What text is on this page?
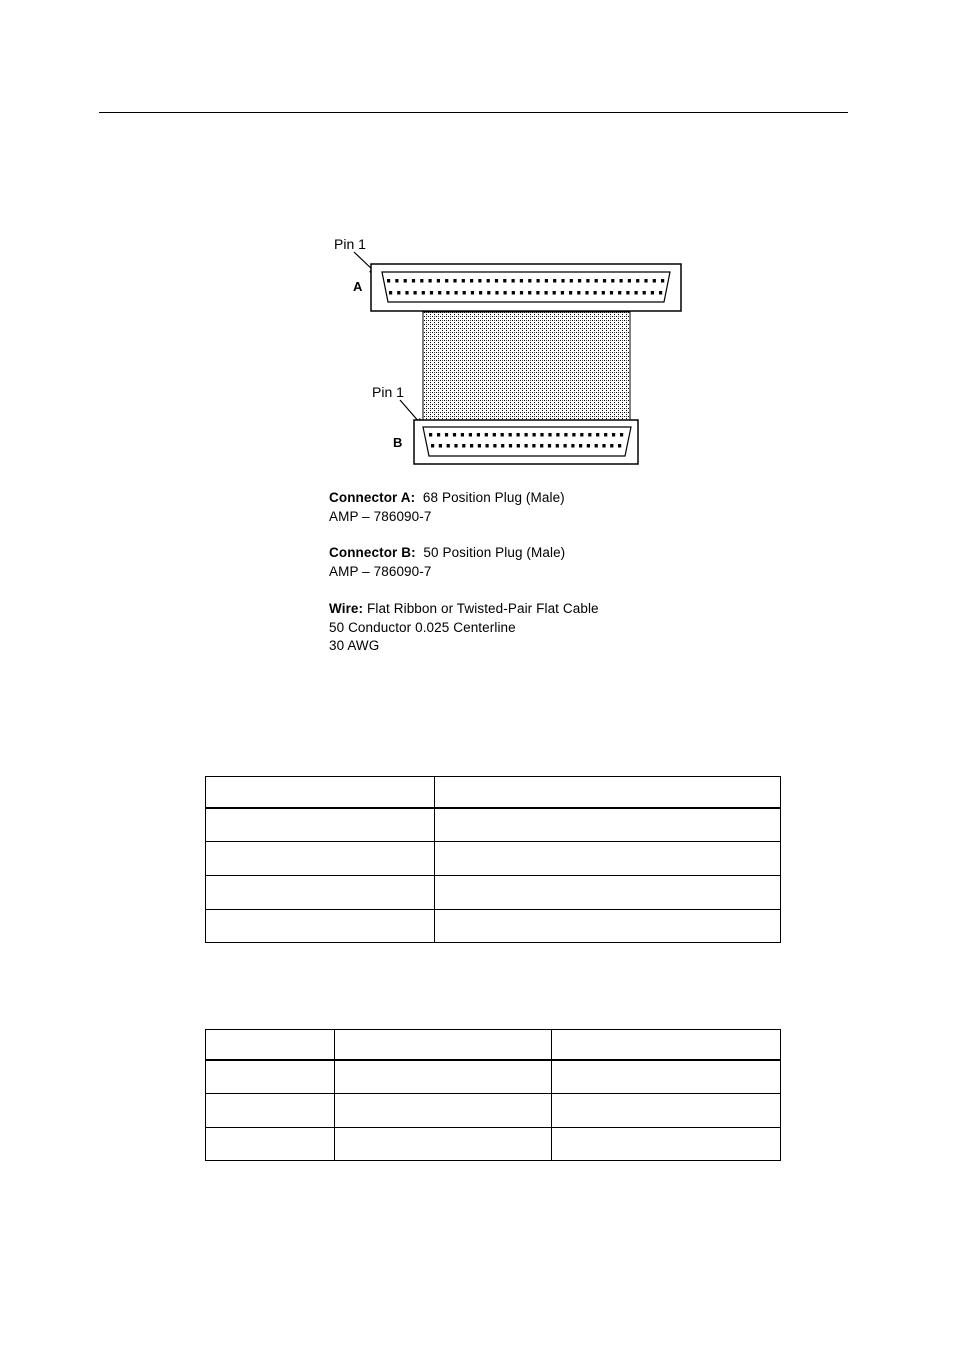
Pin 1
A
Pin 1
B
Connector A: 68 Position Plug (Male)
AMP – 786090-7
Connector B: 50 Position Plug (Male)
AMP – 786090-7
Wire: Flat Ribbon or Twisted-Pair Flat Cable
50 Conductor 0.025 Centerline
30 AWG
